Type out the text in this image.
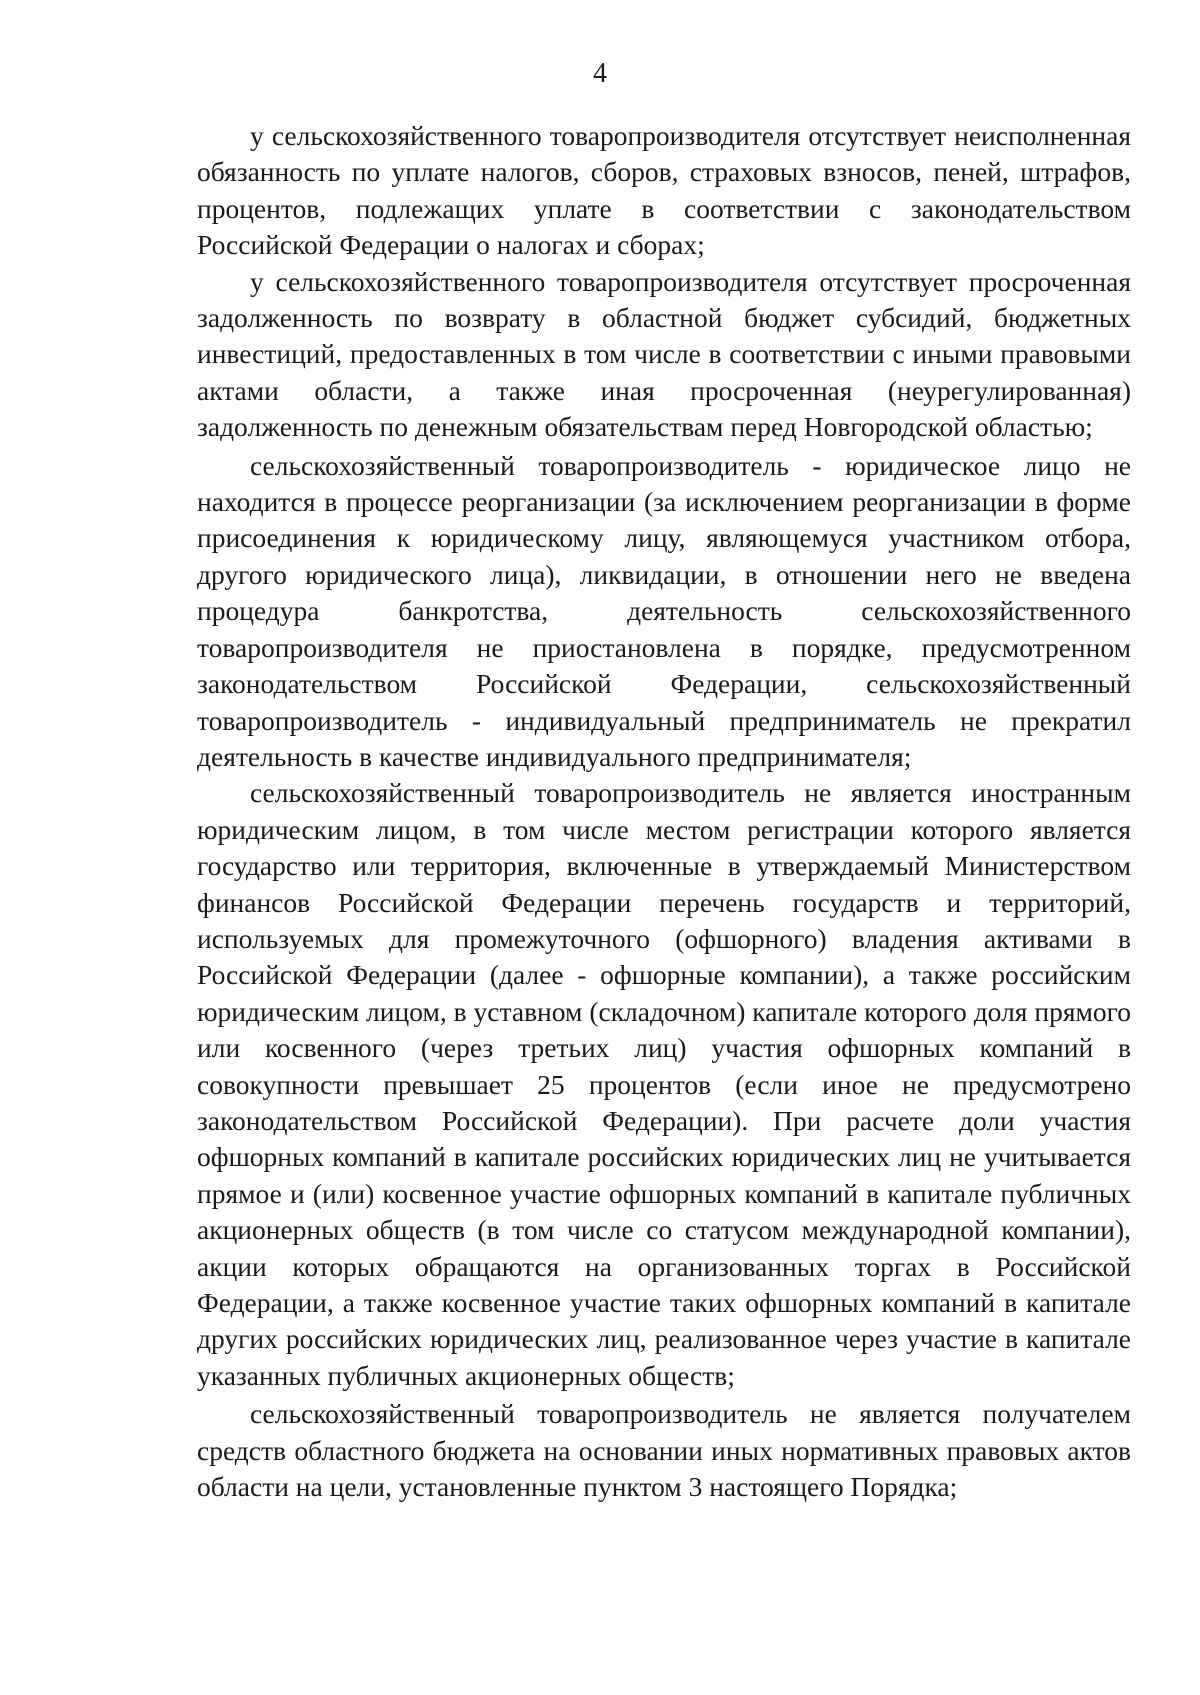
4

у сельскохозяйственного товаропроизводителя отсутствует неисполненная обязанность по уплате налогов, сборов, страховых взносов, пеней, штрафов, процентов, подлежащих уплате в соответствии с законодательством Российской Федерации о налогах и сборах;

у сельскохозяйственного товаропроизводителя отсутствует просроченная задолженность по возврату в областной бюджет субсидий, бюджетных инвестиций, предоставленных в том числе в соответствии с иными правовыми актами области, а также иная просроченная (неурегулированная) задолженность по денежным обязательствам перед Новгородской областью;

сельскохозяйственный товаропроизводитель - юридическое лицо не находится в процессе реорганизации (за исключением реорганизации в форме присоединения к юридическому лицу, являющемуся участником отбора, другого юридического лица), ликвидации, в отношении него не введена процедура банкротства, деятельность сельскохозяйственного товаропроизводителя не приостановлена в порядке, предусмотренном законодательством Российской Федерации, сельскохозяйственный товаропроизводитель - индивидуальный предприниматель не прекратил деятельность в качестве индивидуального предпринимателя;

сельскохозяйственный товаропроизводитель не является иностранным юридическим лицом, в том числе местом регистрации которого является государство или территория, включенные в утверждаемый Министерством финансов Российской Федерации перечень государств и территорий, используемых для промежуточного (офшорного) владения активами в Российской Федерации (далее - офшорные компании), а также российским юридическим лицом, в уставном (складочном) капитале которого доля прямого или косвенного (через третьих лиц) участия офшорных компаний в совокупности превышает 25 процентов (если иное не предусмотрено законодательством Российской Федерации). При расчете доли участия офшорных компаний в капитале российских юридических лиц не учитывается прямое и (или) косвенное участие офшорных компаний в капитале публичных акционерных обществ (в том числе со статусом международной компании), акции которых обращаются на организованных торгах в Российской Федерации, а также косвенное участие таких офшорных компаний в капитале других российских юридических лиц, реализованное через участие в капитале указанных публичных акционерных обществ;

сельскохозяйственный товаропроизводитель не является получателем средств областного бюджета на основании иных нормативных правовых актов области на цели, установленные пунктом 3 настоящего Порядка;
